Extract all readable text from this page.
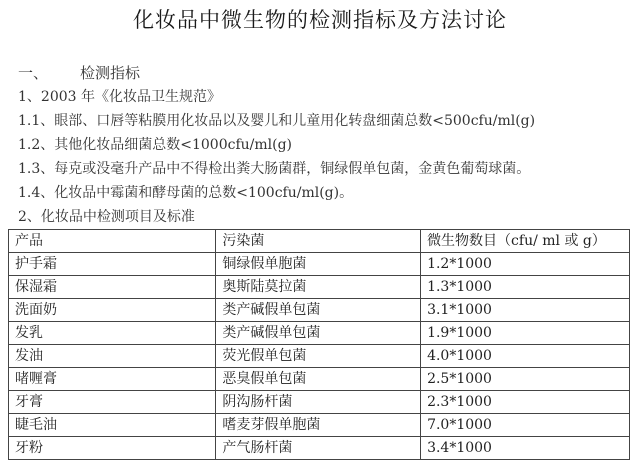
化妆品中微生物的检测指标及方法讨论
一、 检测指标
1、2003 年《化妆品卫生规范》
1.1、眼部、口唇等粘膜用化妆品以及婴儿和儿童用化转盘细菌总数<500cfu/ml(g)
1.2、其他化妆品细菌总数<1000cfu/ml(g)
1.3、每克或没毫升产品中不得检出粪大肠菌群，铜绿假单包菌，金黄色葡萄球菌。
1.4、化妆品中霉菌和酵母菌的总数<100cfu/ml(g)。
2、化妆品中检测项目及标准
产品	污染菌	微生物数目（cfu/ ml 或 g）
护手霜	铜绿假单胞菌	1.2*1000
保湿霜	奥斯陆莫拉菌	1.3*1000
洗面奶	类产碱假单包菌	3.1*1000
发乳	类产碱假单包菌	1.9*1000
发油	荧光假单包菌	4.0*1000
啫喱膏	恶臭假单包菌	2.5*1000
牙膏	阴沟肠杆菌	2.3*1000
睫毛油	嗜麦芽假单胞菌	7.0*1000
牙粉	产气肠杆菌	3.4*1000
